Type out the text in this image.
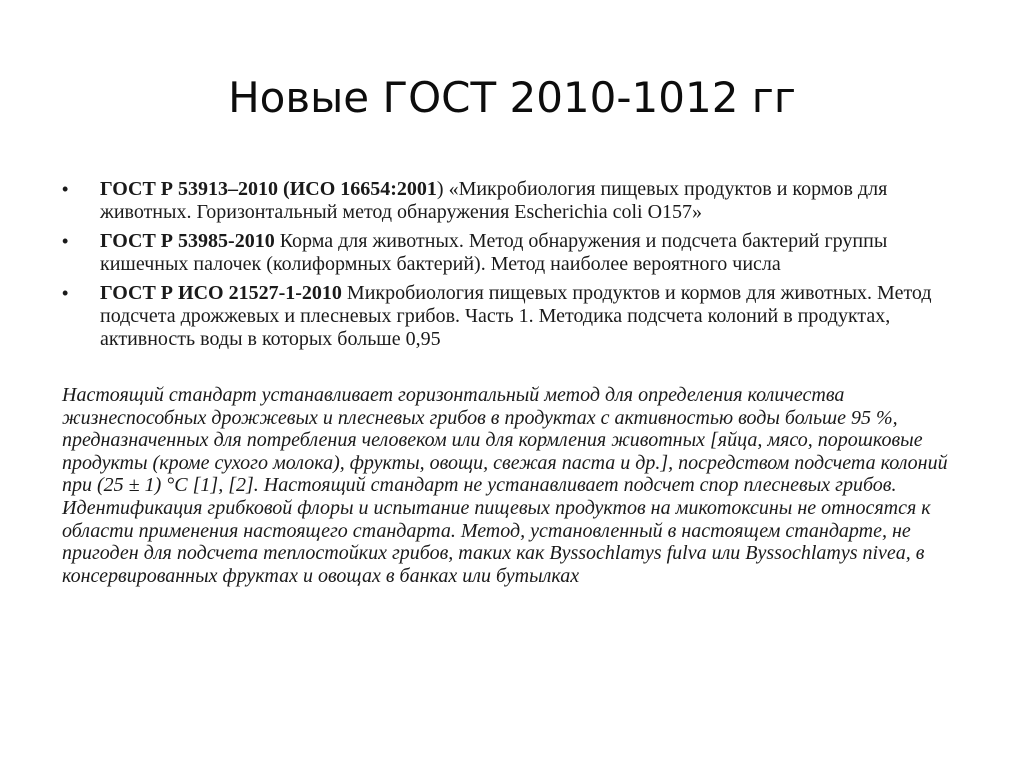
Новые ГОСТ 2010-1012 гг
•	ГОСТ Р 53913–2010 (ИСО 16654:2001) «Микробиология пищевых продуктов и кормов для животных. Горизонтальный метод обнаружения Escherichia coli O157»
•	ГОСТ Р 53985-2010 Корма для животных. Метод обнаружения и подсчета бактерий группы кишечных палочек (колиформных бактерий). Метод наиболее вероятного числа
•	ГОСТ Р ИСО 21527-1-2010 Микробиология пищевых продуктов и кормов для животных. Метод подсчета дрожжевых и плесневых грибов. Часть 1. Методика подсчета колоний в продуктах, активность воды в которых больше 0,95

Настоящий стандарт устанавливает горизонтальный метод для определения количества жизнеспособных дрожжевых и плесневых грибов в продуктах с активностью воды больше 95 %, предназначенных для потребления человеком или для кормления животных [яйца, мясо, порошковые продукты (кроме сухого молока), фрукты, овощи, свежая паста и др.], посредством подсчета колоний при (25 ± 1) °С [1], [2]. Настоящий стандарт не устанавливает подсчет спор плесневых грибов. Идентификация грибковой флоры и испытание пищевых продуктов на микотоксины не относятся к области применения настоящего стандарта. Метод, установленный в настоящем стандарте, не пригоден для подсчета теплостойких грибов, таких как Byssochlamys fulva или Byssochlamys nivea, в консервированных фруктах и овощах в банках или бутылках
